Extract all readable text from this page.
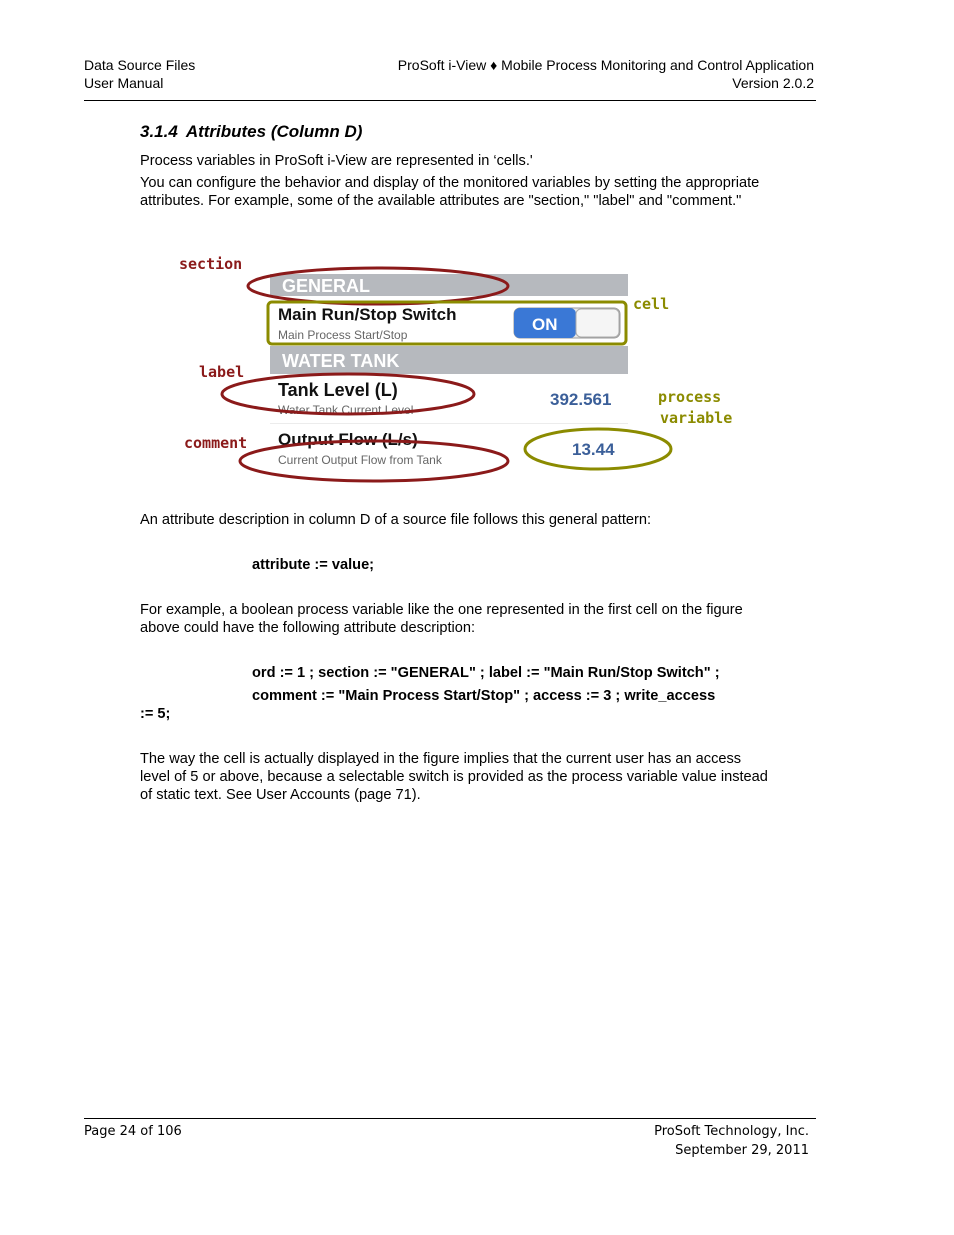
Data Source Files
User Manual
ProSoft i-View ♦ Mobile Process Monitoring and Control Application
Version 2.0.2
3.1.4 Attributes (Column D)
Process variables in ProSoft i-View are represented in ‘cells.'
You can configure the behavior and display of the monitored variables by setting the appropriate attributes. For example, some of the available attributes are "section," "label" and "comment."
GENERAL
WATER TANK
Main Run/Stop Switch
Main Process Start/Stop
ON
Tank Level (L)
Water Tank Current Level
392.561
Output Flow (L/s)
Current Output Flow from Tank
13.44
section
label
comment
cell
process
variable
An attribute description in column D of a source file follows this general pattern:
attribute := value;
For example, a boolean process variable like the one represented in the first cell on the figure above could have the following attribute description:
ord := 1 ; section := "GENERAL" ; label := "Main Run/Stop Switch" ;
comment := "Main Process Start/Stop" ; access := 3 ; write_access
:= 5;
The way the cell is actually displayed in the figure implies that the current user has an access level of 5 or above, because a selectable switch is provided as the process variable value instead of static text. See User Accounts (page 71).
Page 24 of 106	ProSoft Technology, Inc.
September 29, 2011
